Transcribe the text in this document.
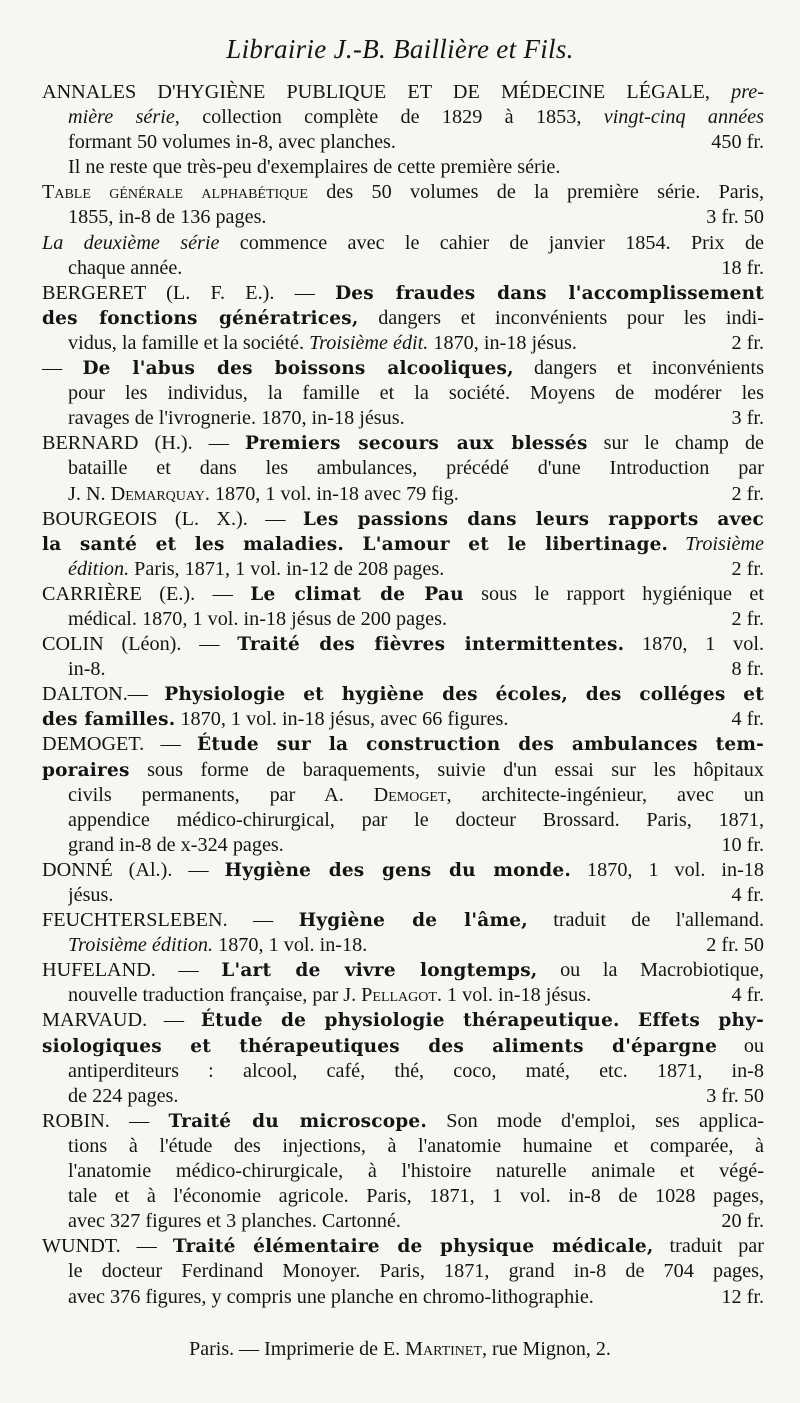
Librairie J.-B. Baillière et Fils.
ANNALES D'HYGIÈNE PUBLIQUE ET DE MÉDECINE LÉGALE, pre-
mière série, collection complète de 1829 à 1853, vingt-cinq années
formant 50 volumes in-8, avec planches.	450 fr.
Il ne reste que très-peu d'exemplaires de cette première série.
Table générale alphabétique des 50 volumes de la première série. Paris,
1855, in-8 de 136 pages.	3 fr. 50
La deuxième série commence avec le cahier de janvier 1854. Prix de
chaque année.	18 fr.
BERGERET (L. F. E.). — Des fraudes dans l'accomplissement
des fonctions génératrices, dangers et inconvénients pour les indi-
vidus, la famille et la société. Troisième édit. 1870, in-18 jésus.	2 fr.
— De l'abus des boissons alcooliques, dangers et inconvénients
pour les individus, la famille et la société. Moyens de modérer les
ravages de l'ivrognerie. 1870, in-18 jésus.	3 fr.
BERNARD (H.). — Premiers secours aux blessés sur le champ de
bataille et dans les ambulances, précédé d'une Introduction par
J. N. Demarquay. 1870, 1 vol. in-18 avec 79 fig.	2 fr.
BOURGEOIS (L. X.). — Les passions dans leurs rapports avec
la santé et les maladies. L'amour et le libertinage. Troisième
édition. Paris, 1871, 1 vol. in-12 de 208 pages.	2 fr.
CARRIÈRE (E.). — Le climat de Pau sous le rapport hygiénique et
médical. 1870, 1 vol. in-18 jésus de 200 pages.	2 fr.
COLIN (Léon). — Traité des fièvres intermittentes. 1870, 1 vol.
in-8.	8 fr.
DALTON.— Physiologie et hygiène des écoles, des colléges et
des familles. 1870, 1 vol. in-18 jésus, avec 66 figures.	4 fr.
DEMOGET. — Étude sur la construction des ambulances tem-
poraires sous forme de baraquements, suivie d'un essai sur les hôpitaux
civils permanents, par A. Demoget, architecte-ingénieur, avec un
appendice médico-chirurgical, par le docteur Brossard. Paris, 1871,
grand in-8 de x-324 pages.	10 fr.
DONNÉ (Al.). — Hygiène des gens du monde. 1870, 1 vol. in-18
jésus.	4 fr.
FEUCHTERSLEBEN. — Hygiène de l'âme, traduit de l'allemand.
Troisième édition. 1870, 1 vol. in-18.	2 fr. 50
HUFELAND. — L'art de vivre longtemps, ou la Macrobiotique,
nouvelle traduction française, par J. Pellagot. 1 vol. in-18 jésus.	4 fr.
MARVAUD. — Étude de physiologie thérapeutique. Effets phy-
siologiques et thérapeutiques des aliments d'épargne ou
antiperditeurs : alcool, café, thé, coco, maté, etc. 1871, in-8
de 224 pages.	3 fr. 50
ROBIN. — Traité du microscope. Son mode d'emploi, ses applica-
tions à l'étude des injections, à l'anatomie humaine et comparée, à
l'anatomie médico-chirurgicale, à l'histoire naturelle animale et végé-
tale et à l'économie agricole. Paris, 1871, 1 vol. in-8 de 1028 pages,
avec 327 figures et 3 planches. Cartonné.	20 fr.
WUNDT. — Traité élémentaire de physique médicale, traduit par
le docteur Ferdinand Monoyer. Paris, 1871, grand in-8 de 704 pages,
avec 376 figures, y compris une planche en chromo-lithographie.	12 fr.
Paris. — Imprimerie de E. Martinet, rue Mignon, 2.
